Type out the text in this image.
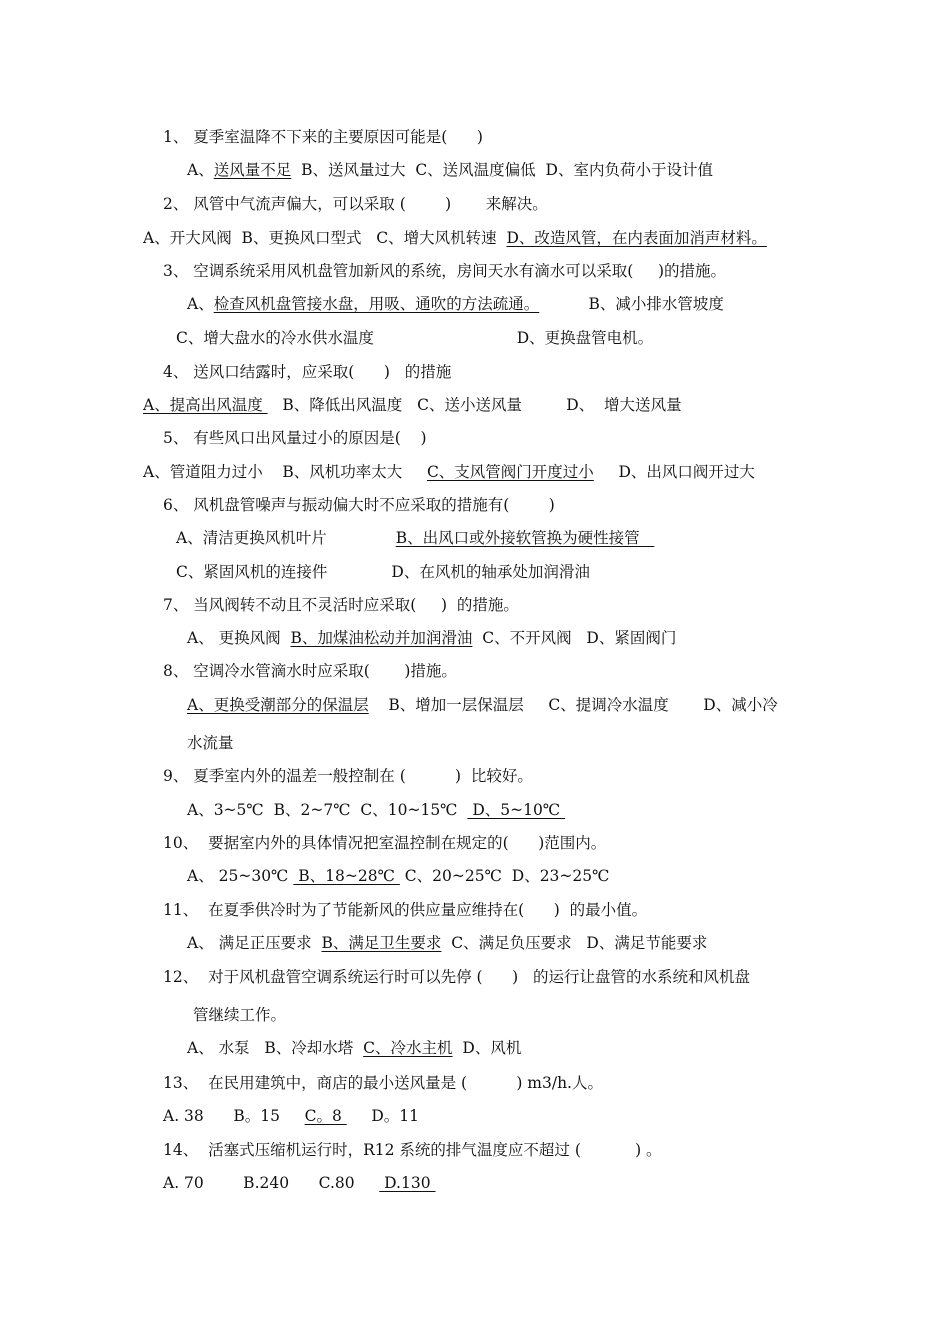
1、 夏季室温降不下来的主要原因可能是(      )
A、送风量不足  B、送风量过大  C、送风温度偏低  D、室内负荷小于设计值
2、 风管中气流声偏大，可以采取 (        )       来解决。
A、开大风阀  B、更换风口型式   C、增大风机转速  D、改造风管，在内表面加消声材料。
3、 空调系统采用风机盘管加新风的系统，房间天水有滴水可以采取(     )的措施。
A、检查风机盘管接水盘，用吸、通吹的方法疏通。          B、减小排水管坡度
C、增大盘水的冷水供水温度                             D、更换盘管电机。
4、 送风口结露时，应采取(      )   的措施
A、提高出风温度    B、降低出风温度   C、送小送风量         D、  增大送风量
5、 有些风口出风量过小的原因是(    )
A、管道阻力过小    B、风机功率太大     C、支风管阀门开度过小     D、出风口阀开过大
6、 风机盘管噪声与振动偏大时不应采取的措施有(        )
A、清洁更换风机叶片              B、出风口或外接软管换为硬性接管
C、紧固风机的连接件             D、在风机的轴承处加润滑油
7、 当风阀转不动且不灵活时应采取(     )  的措施。
A、 更换风阀  B、加煤油松动并加润滑油  C、不开风阀   D、紧固阀门
8、 空调冷水管滴水时应采取(       )措施。
A、更换受潮部分的保温层    B、增加一层保温层     C、提调冷水温度       D、减小冷
水流量
9、 夏季室内外的温差一般控制在 (          )  比较好。
A、3~5℃  B、2~7℃  C、10~15℃   D、5~10℃
10、  要据室内外的具体情况把室温控制在规定的(      )范围内。
A、 25~30℃  B、18~28℃  C、20~25℃  D、23~25℃
11、  在夏季供冷时为了节能新风的供应量应维持在(      )  的最小值。
A、 满足正压要求  B、满足卫生要求  C、满足负压要求   D、满足节能要求
12、  对于风机盘管空调系统运行时可以先停 (      )   的运行让盘管的水系统和风机盘
管继续工作。
A、 水泵   B、冷却水塔  C、冷水主机  D、风机
13、  在民用建筑中，商店的最小送风量是 (          ) m3/h.人。
A. 38      B。15     C。8      D。11
14、  活塞式压缩机运行时，R12 系统的排气温度应不超过 (           ) 。
A. 70        B.240      C.80      D.130
